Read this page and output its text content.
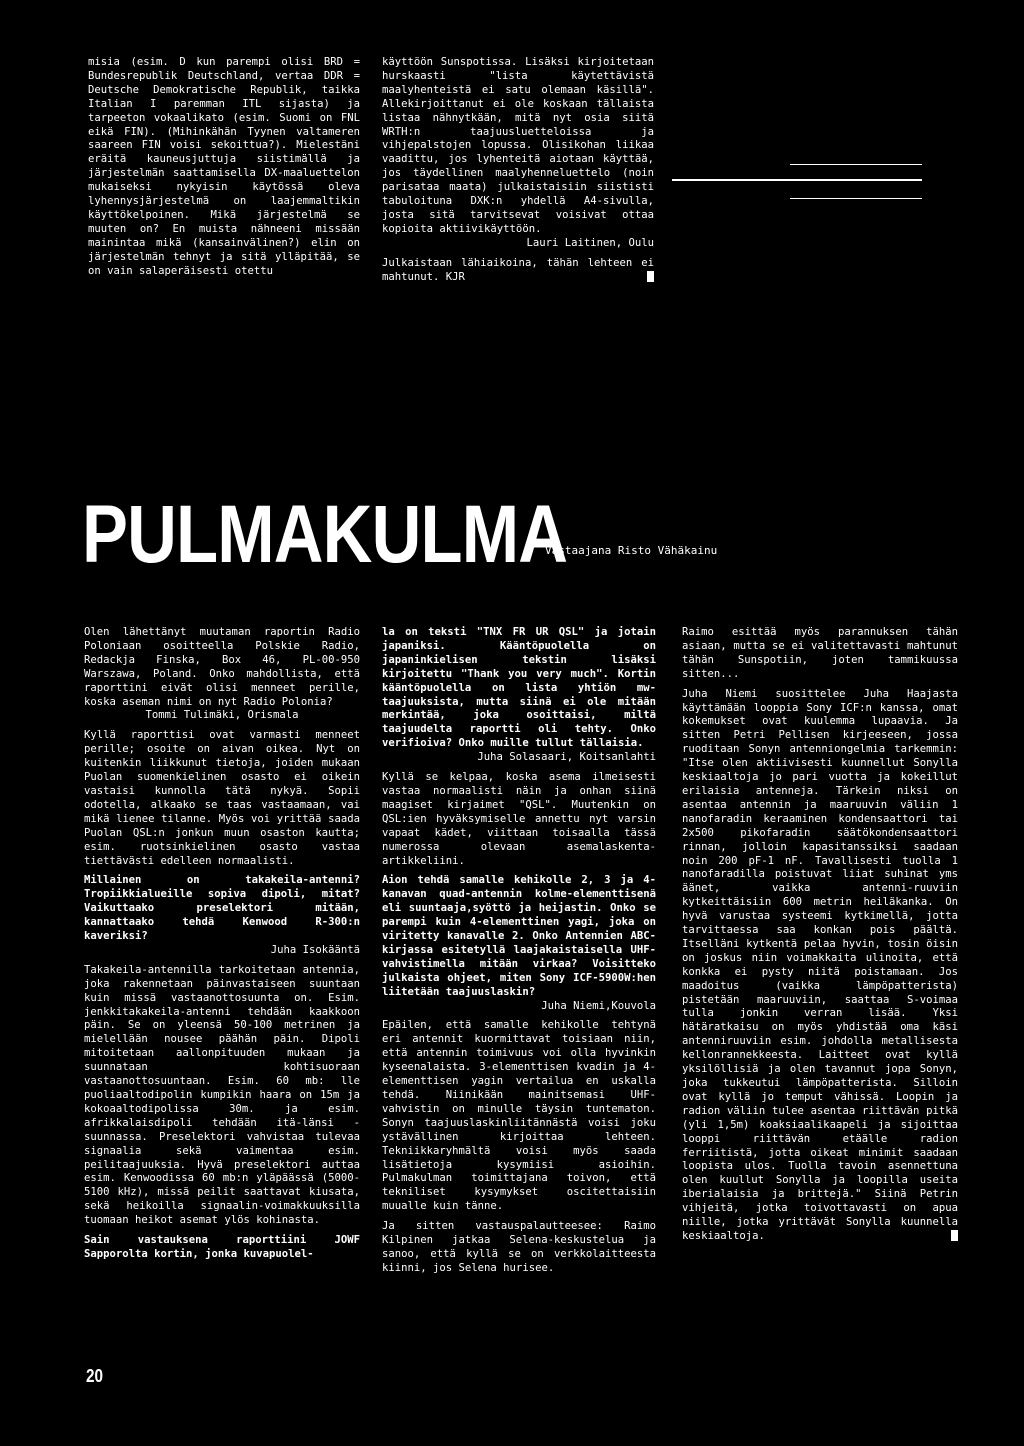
misia (esim. D kun parempi olisi BRD = Bundesrepublik Deutschland, vertaa DDR = Deutsche Demokratische Republik, taikka Italian I paremman ITL sijasta) ja tarpeeton vokaalikato (esim. Suomi on FNL eikä FIN). (Mihinkähän Tyynen valtameren saareen FIN voisi sekoittua?). Mielestäni eräitä kauneusjuttuja siistimällä ja järjestelmän saattamisella DX-maaluettelon mukaiseksi nykyisin käytössä oleva lyhennysjärjestelmä on laajemmaltikin käyttökelpoinen. Mikä järjestelmä se muuten on? En muista nähneeni missään mainintaa mikä (kansainvälinen?) elin on järjestelmän tehnyt ja sitä ylläpitää, se on vain salaperäisesti otettu

käyttöön Sunspotissa. Lisäksi kirjoitetaan hurskaasti "lista käytettävistä maalyhenteistä ei satu olemaan käsillä". Allekirjoittanut ei ole koskaan tällaista listaa nähnytkään, mitä nyt osia siitä WRTH:n taajuusluetteloissa ja vihjepalstojen lopussa. Olisikohan liikaa vaadittu, jos lyhenteitä aiotaan käyttää, jos täydellinen maalyhenneluettelo (noin parisataa maata) julkaistaisiin siististi tabuloituna DXK:n yhdellä A4-sivulla, josta sitä tarvitsevat voisivat ottaa kopioita aktiivikäyttöön.

Lauri Laitinen, Oulu

Julkaistaan lähiaikoina, tähän lehteen ei mahtunut. KJR

PULMAKULMA
Vastaajana Risto Vähäkainu

Olen lähettänyt muutaman raportin Radio Poloniaan osoitteella Polskie Radio, Redackja Finska, Box 46, PL-00-950 Warszawa, Poland. Onko mahdollista, että raporttini eivät olisi menneet perille, koska aseman nimi on nyt Radio Polonia?

Tommi Tulimäki, Orismala

Kyllä raporttisi ovat varmasti menneet perille; osoite on aivan oikea. Nyt on kuitenkin liikkunut tietoja, joiden mukaan Puolan suomenkielinen osasto ei oikein vastaisi kunnolla tätä nykyä. Sopii odotella, alkaako se taas vastaamaan, vai mikä lienee tilanne. Myös voi yrittää saada Puolan QSL:n jonkun muun osaston kautta; esim. ruotsinkielinen osasto vastaa tiettävästi edelleen normaalisti.

Millainen on takakeila-antenni? Tropiikkialueille sopiva dipoli, mitat? Vaikuttaako preselektori mitään, kannattaako tehdä Kenwood R-300:n kaveriksi?

Juha Isokääntä

Takakeila-antennilla tarkoitetaan antennia, joka rakennetaan päinvastaiseen suuntaan kuin missä vastaanottosuunta on. Esim. jenkkitakakeila-antenni tehdään kaakkoon päin. Se on yleensä 50-100 metrinen ja mielellään nousee päähän päin. Dipoli mitoitetaan aallonpituuden mukaan ja suunnataan kohtisuoraan vastaanottosuuntaan. Esim. 60 mb: lle puoliaaltodipolin kumpikin haara on 15m ja kokoaaltodipolissa 30m. ja esim. afrikkalaisdipoli tehdään itä-länsi -suunnassa. Preselektori vahvistaa tulevaa signaalia sekä vaimentaa esim. peilitaajuuksia. Hyvä preselektori auttaa esim. Kenwoodissa 60 mb:n yläpäässä (5000-5100 kHz), missä peilit saattavat kiusata, sekä heikoilla signaalin-voimakkuuksilla tuomaan heikot asemat ylös kohinasta.

Sain vastauksena raporttiini JOWF Sapporolta kortin, jonka kuvapuolel-

la on teksti "TNX FR UR QSL" ja jotain japaniksi. Kääntöpuolella on japaninkielisen tekstin lisäksi kirjoitettu "Thank you very much". Kortin kääntöpuolella on lista yhtiön mw-taajuuksista, mutta siinä ei ole mitään merkintää, joka osoittaisi, miltä taajuudelta raportti oli tehty. Onko verifioiva? Onko muille tullut tällaisia.

Juha Solasaari, Koitsanlahti

Kyllä se kelpaa, koska asema ilmeisesti vastaa normaalisti näin ja onhan siinä maagiset kirjaimet "QSL". Muutenkin on QSL:ien hyväksymiselle annettu nyt varsin vapaat kädet, viittaan toisaalla tässä numerossa olevaan asemalaskenta-artikkeliini.

Aion tehdä samalle kehikolle 2, 3 ja 4-kanavan quad-antennin kolme-elementtisenä eli suuntaaja,syöttö ja heijastin. Onko se parempi kuin 4-elementtinen yagi, joka on viritetty kanavalle 2. Onko Antennien ABC-kirjassa esitetyllä laajakaistaisella UHF-vahvistimella mitään virkaa? Voisitteko julkaista ohjeet, miten Sony ICF-5900W:hen liitetään taajuuslaskin?

Juha Niemi,Kouvola

Epäilen, että samalle kehikolle tehtynä eri antennit kuormittavat toisiaan niin, että antennin toimivuus voi olla hyvinkin kyseenalaista. 3-elementtisen kvadin ja 4-elementtisen yagin vertailua en uskalla tehdä. Niinikään mainitsemasi UHF-vahvistin on minulle täysin tuntematon. Sonyn taajuuslaskinliitännästä voisi joku ystävällinen kirjoittaa lehteen. Tekniikkaryhmältä voisi myös saada lisätietoja kysymiisi asioihin. Pulmakulman toimittajana toivon, että tekniliset kysymykset oscitettaisiin muualle kuin tänne.

Ja sitten vastauspalautteesee: Raimo Kilpinen jatkaa Selena-keskustelua ja sanoo, että kyllä se on verkkolaitteesta kiinni, jos Selena hurisee.

Raimo esittää myös parannuksen tähän asiaan, mutta se ei valitettavasti mahtunut tähän Sunspotiin, joten tammikuussa sitten...

Juha Niemi suosittelee Juha Haajasta käyttämään looppia Sony ICF:n kanssa, omat kokemukset ovat kuulemma lupaavia. Ja sitten Petri Pellisen kirjeeseen, jossa ruoditaan Sonyn antenniongelmia tarkemmin: "Itse olen aktiivisesti kuunnellut Sonylla keskiaaltoja jo pari vuotta ja kokeillut erilaisia antenneja. Tärkein niksi on asentaa antennin ja maaruuvin väliin 1 nanofaradin keraaminen kondensaattori tai 2x500 pikofaradin säätökondensaattori rinnan, jolloin kapasitanssiksi saadaan noin 200 pF-1 nF. Tavallisesti tuolla 1 nanofaradilla poistuvat liiat suhinat yms äänet, vaikka antenni-ruuviin kytkeittäisiin 600 metrin heiläkanka. On hyvä varustaa systeemi kytkimellä, jotta tarvittaessa saa konkan pois päältä. Itselläni kytkentä pelaa hyvin, tosin öisin on joskus niin voimakkaita ulinoita, että konkka ei pysty niitä poistamaan. Jos maadoitus (vaikka lämpöpatterista) pistetään maaruuviin, saattaa S-voimaa tulla jonkin verran lisää. Yksi hätäratkaisu on myös yhdistää oma käsi antenniruuviin esim. johdolla metallisesta kellonrannekkeesta. Laitteet ovat kyllä yksilöllisiä ja olen tavannut jopa Sonyn, joka tukkeutui lämpöpatterista. Silloin ovat kyllä jo temput vähissä. Loopin ja radion väliin tulee asentaa riittävän pitkä (yli 1,5m) koaksiaalikaapeli ja sijoittaa looppi riittävän etäälle radion ferriitistä, jotta oikeat minimit saadaan loopista ulos. Tuolla tavoin asennettuna olen kuullut Sonylla ja loopilla useita iberialaisia ja brittejä." Siinä Petrin vihjeitä, jotka toivottavasti on apua niille, jotka yrittävät Sonylla kuunnella keskiaaltoja.

20
